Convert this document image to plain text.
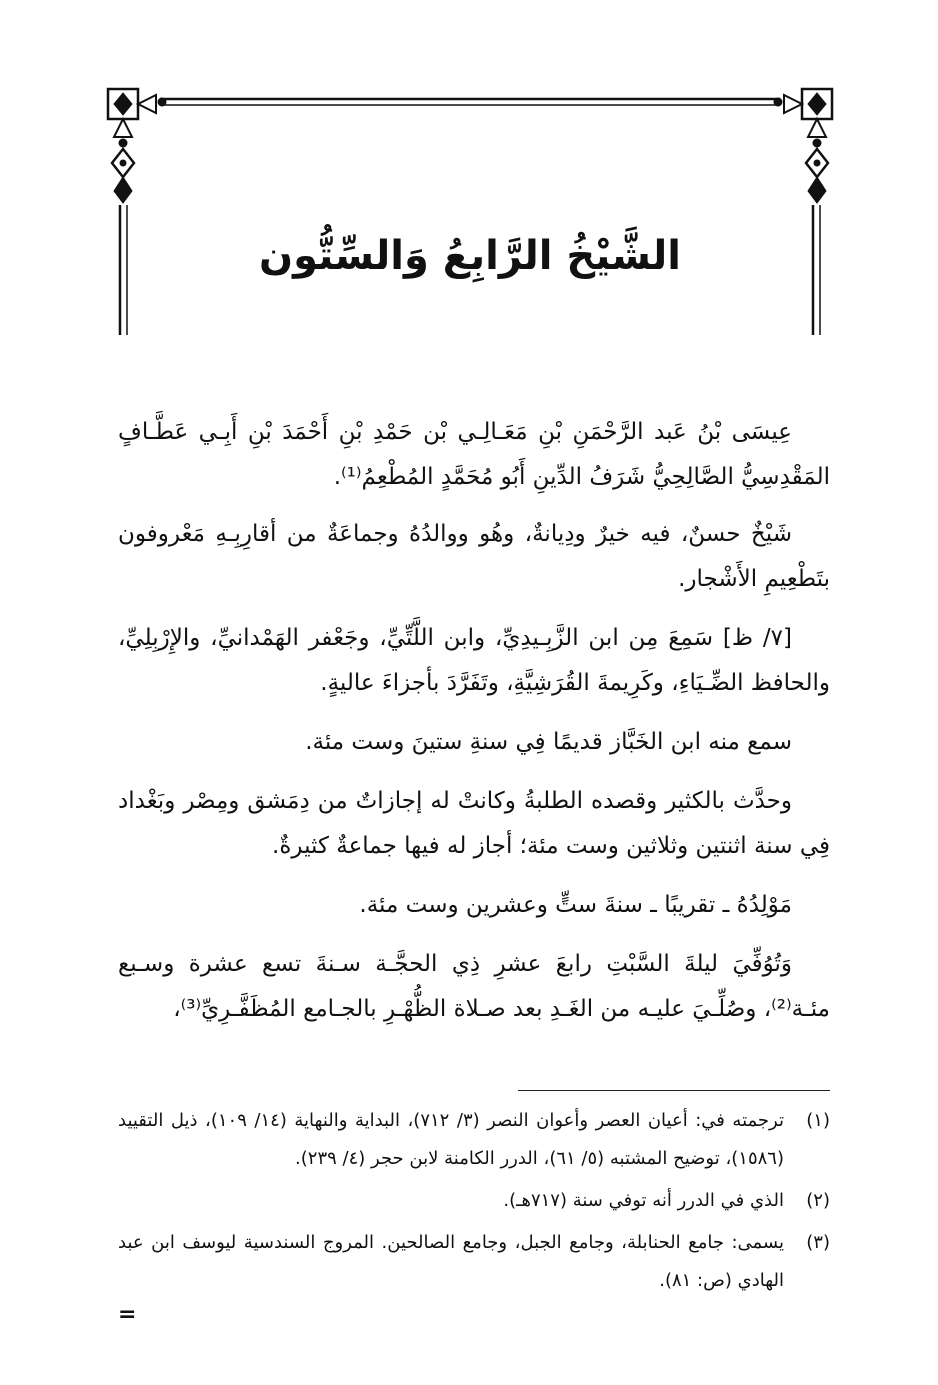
الشَّيْخُ الرَّابِعُ وَالسِّتُّون

عِيسَى بْنُ عَبد الرَّحْمَنِ بْنِ مَعَـالِـي بْن حَمْدِ بْنِ أَحْمَدَ بْنِ أَبِـي عَطَّـافٍ المَقْدِسِيُّ الصَّالِحِيُّ شَرَفُ الدِّينِ أَبُو مُحَمَّدٍ المُطْعِمُ⁽¹⁾.

شَيْخٌ حسنٌ، فيه خيرٌ ودِيانةٌ، وهُو ووالدُهُ وجماعَةٌ من أقارِبِـهِ مَعْروفون بتَطْعِيمِ الأَشْجار.

[٧/ ظ] سَمِعَ مِن ابن الزَّبِـيدِيِّ، وابن اللَّتِّيِّ، وجَعْفر الهَمْدانيِّ، والإِرْبِلِيِّ، والحافظ الضِّـيَاءِ، وكَرِيمةَ القُرَشِيَّةِ، وتَفَرَّدَ بأجزاءَ عاليةٍ.

سمع منه ابن الخَبَّاز قديمًا فِي سنةِ ستينَ وست مئة.

وحدَّث بالكثير وقصده الطلبةُ وكانتْ له إجازاتٌ من دِمَشق ومِصْر وبَغْداد فِي سنة اثنتين وثلاثين وست مئة؛ أجاز له فيها جماعةٌ كثيرةٌ.

مَوْلِدُهُ ـ تقريبًا ـ سنةَ ستٍّ وعشرين وست مئة.

وَتُوُفِّيَ ليلةَ السَّبْتِ رابعَ عشرِ ذِي الحجَّـة سـنةَ تسع عشرة وسـبع مئـة⁽²⁾، وصُلِّـيَ عليـه من الغَـدِ بعد صـلاة الظُّهْـرِ بالجـامع المُظَفَّـرِيِّ⁽³⁾،

(١)
ترجمته في: أعيان العصر وأعوان النصر (٣/ ٧١٢)، البداية والنهاية (١٤/ ١٠٩)، ذيل التقييد (١٥٨٦)، توضيح المشتبه (٥/ ٦١)، الدرر الكامنة لابن حجر (٤/ ٢٣٩).
(٢)
الذي في الدرر أنه توفي سنة (٧١٧هـ).
(٣)
يسمى: جامع الحنابلة، وجامع الجبل، وجامع الصالحين. المروج السندسية ليوسف ابن عبد الهادي (ص: ٨١).
=
